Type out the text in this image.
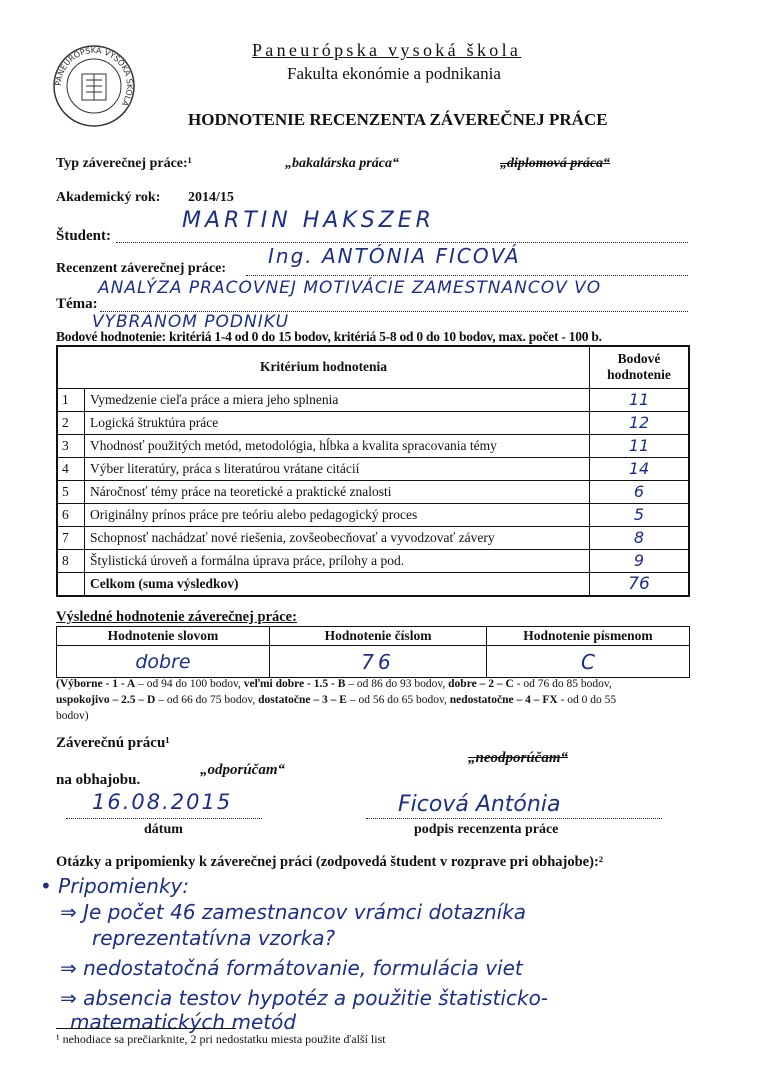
PANEURÓPSKA VYSOKÁ ŠKOLA
Paneurópska vysoká škola
Fakulta ekonómie a podnikania
HODNOTENIE RECENZENTA ZÁVEREČNEJ PRÁCE
Typ záverečnej práce:¹	„bakalárska práca“	„diplomová práca“
Akademický rok: 2014/15
Študent:
MARTIN HAKSZER
Recenzent záverečnej práce:
Ing. ANTÓNIA FICOVÁ
Téma:
ANALÝZA PRACOVNEJ MOTIVÁCIE ZAMESTNANCOV VO
VYBRANOM PODNIKU
Bodové hodnotenie: kritériá 1-4 od 0 do 15 bodov, kritériá 5-8 od 0 do 10 bodov, max. počet - 100 b.
Kritérium hodnotenia		Bodové hodnotenie
1	Vymedzenie cieľa práce a miera jeho splnenia	11
2	Logická štruktúra práce	12
3	Vhodnosť použitých metód, metodológia, hĺbka a kvalita spracovania témy	11
4	Výber literatúry, práca s literatúrou vrátane citácií	14
5	Náročnosť témy práce na teoretické a praktické znalosti	6
6	Originálny prínos práce pre teóriu alebo pedagogický proces	5
7	Schopnosť nachádzať nové riešenia, zovšeobecňovať a vyvodzovať závery	8
8	Štylistická úroveň a formálna úprava práce, prílohy a pod.	9
	Celkom (suma výsledkov)	76
Výsledné hodnotenie záverečnej práce:
Hodnotenie slovom	Hodnotenie číslom	Hodnotenie písmenom
dobre	76	C
(Výborne - 1 - A – od 94 do 100 bodov, veľmi dobre - 1.5 - B – od 86 do 93 bodov, dobre – 2 – C - od 76 do 85 bodov,
uspokojivo – 2.5 – D – od 66 do 75 bodov, dostatočne – 3 – E – od 56 do 65 bodov, nedostatočne – 4 – FX - od 0 do 55
bodov)
Záverečnú prácu¹
„odporúčam“
„neodporúčam“
na obhajobu.
16.08.2015
dátum
Ficová Antónia
podpis recenzenta práce
Otázky a pripomienky k záverečnej práci (zodpovedá študent v rozprave pri obhajobe):²
• Pripomienky:
⇒ Je počet 46 zamestnancov vrámci dotazníka
reprezentatívna vzorka?
⇒ nedostatočná formátovanie, formulácia viet
⇒ absencia testov hypotéz a použitie štatisticko-
matematických metód
¹ nehodiace sa prečiarknite, 2 pri nedostatku miesta použite ďalší list
